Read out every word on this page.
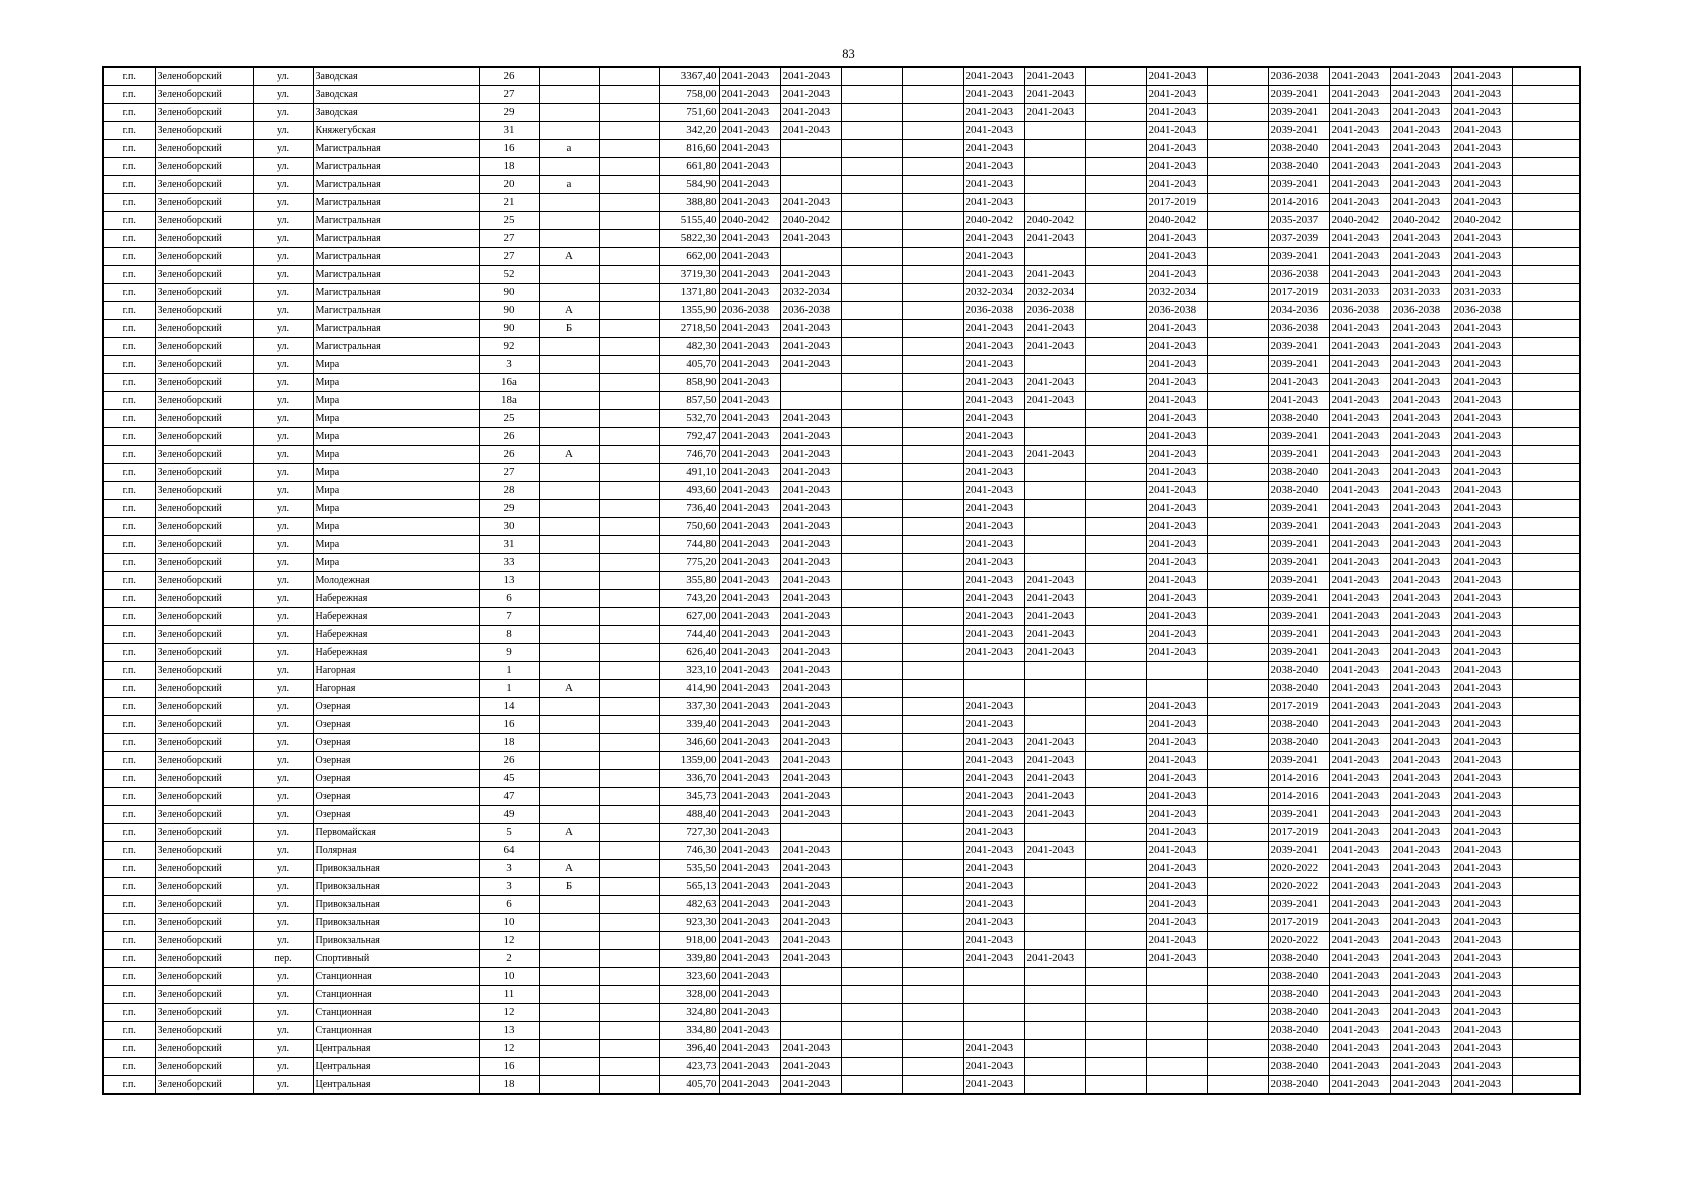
83
г.п.	Зеленоборский	ул.	Заводская	26			3367,40	2041-2043	2041-2043			2041-2043	2041-2043		2041-2043		2036-2038	2041-2043	2041-2043	2041-2043	
г.п.	Зеленоборский	ул.	Заводская	27			758,00	2041-2043	2041-2043			2041-2043	2041-2043		2041-2043		2039-2041	2041-2043	2041-2043	2041-2043	
г.п.	Зеленоборский	ул.	Заводская	29			751,60	2041-2043	2041-2043			2041-2043	2041-2043		2041-2043		2039-2041	2041-2043	2041-2043	2041-2043	
г.п.	Зеленоборский	ул.	Княжегубская	31			342,20	2041-2043	2041-2043			2041-2043			2041-2043		2039-2041	2041-2043	2041-2043	2041-2043	
г.п.	Зеленоборский	ул.	Магистральная	16	а		816,60	2041-2043				2041-2043			2041-2043		2038-2040	2041-2043	2041-2043	2041-2043	
г.п.	Зеленоборский	ул.	Магистральная	18			661,80	2041-2043				2041-2043			2041-2043		2038-2040	2041-2043	2041-2043	2041-2043	
г.п.	Зеленоборский	ул.	Магистральная	20	а		584,90	2041-2043				2041-2043			2041-2043		2039-2041	2041-2043	2041-2043	2041-2043	
г.п.	Зеленоборский	ул.	Магистральная	21			388,80	2041-2043	2041-2043			2041-2043			2017-2019		2014-2016	2041-2043	2041-2043	2041-2043	
г.п.	Зеленоборский	ул.	Магистральная	25			5155,40	2040-2042	2040-2042			2040-2042	2040-2042		2040-2042		2035-2037	2040-2042	2040-2042	2040-2042	
г.п.	Зеленоборский	ул.	Магистральная	27			5822,30	2041-2043	2041-2043			2041-2043	2041-2043		2041-2043		2037-2039	2041-2043	2041-2043	2041-2043	
г.п.	Зеленоборский	ул.	Магистральная	27	А		662,00	2041-2043				2041-2043			2041-2043		2039-2041	2041-2043	2041-2043	2041-2043	
г.п.	Зеленоборский	ул.	Магистральная	52			3719,30	2041-2043	2041-2043			2041-2043	2041-2043		2041-2043		2036-2038	2041-2043	2041-2043	2041-2043	
г.п.	Зеленоборский	ул.	Магистральная	90			1371,80	2041-2043	2032-2034			2032-2034	2032-2034		2032-2034		2017-2019	2031-2033	2031-2033	2031-2033	
г.п.	Зеленоборский	ул.	Магистральная	90	А		1355,90	2036-2038	2036-2038			2036-2038	2036-2038		2036-2038		2034-2036	2036-2038	2036-2038	2036-2038	
г.п.	Зеленоборский	ул.	Магистральная	90	Б		2718,50	2041-2043	2041-2043			2041-2043	2041-2043		2041-2043		2036-2038	2041-2043	2041-2043	2041-2043	
г.п.	Зеленоборский	ул.	Магистральная	92			482,30	2041-2043	2041-2043			2041-2043	2041-2043		2041-2043		2039-2041	2041-2043	2041-2043	2041-2043	
г.п.	Зеленоборский	ул.	Мира	3			405,70	2041-2043	2041-2043			2041-2043			2041-2043		2039-2041	2041-2043	2041-2043	2041-2043	
г.п.	Зеленоборский	ул.	Мира	16а			858,90	2041-2043				2041-2043	2041-2043		2041-2043		2041-2043	2041-2043	2041-2043	2041-2043	
г.п.	Зеленоборский	ул.	Мира	18а			857,50	2041-2043				2041-2043	2041-2043		2041-2043		2041-2043	2041-2043	2041-2043	2041-2043	
г.п.	Зеленоборский	ул.	Мира	25			532,70	2041-2043	2041-2043			2041-2043			2041-2043		2038-2040	2041-2043	2041-2043	2041-2043	
г.п.	Зеленоборский	ул.	Мира	26			792,47	2041-2043	2041-2043			2041-2043			2041-2043		2039-2041	2041-2043	2041-2043	2041-2043	
г.п.	Зеленоборский	ул.	Мира	26	А		746,70	2041-2043	2041-2043			2041-2043	2041-2043		2041-2043		2039-2041	2041-2043	2041-2043	2041-2043	
г.п.	Зеленоборский	ул.	Мира	27			491,10	2041-2043	2041-2043			2041-2043			2041-2043		2038-2040	2041-2043	2041-2043	2041-2043	
г.п.	Зеленоборский	ул.	Мира	28			493,60	2041-2043	2041-2043			2041-2043			2041-2043		2038-2040	2041-2043	2041-2043	2041-2043	
г.п.	Зеленоборский	ул.	Мира	29			736,40	2041-2043	2041-2043			2041-2043			2041-2043		2039-2041	2041-2043	2041-2043	2041-2043	
г.п.	Зеленоборский	ул.	Мира	30			750,60	2041-2043	2041-2043			2041-2043			2041-2043		2039-2041	2041-2043	2041-2043	2041-2043	
г.п.	Зеленоборский	ул.	Мира	31			744,80	2041-2043	2041-2043			2041-2043			2041-2043		2039-2041	2041-2043	2041-2043	2041-2043	
г.п.	Зеленоборский	ул.	Мира	33			775,20	2041-2043	2041-2043			2041-2043			2041-2043		2039-2041	2041-2043	2041-2043	2041-2043	
г.п.	Зеленоборский	ул.	Молодежная	13			355,80	2041-2043	2041-2043			2041-2043	2041-2043		2041-2043		2039-2041	2041-2043	2041-2043	2041-2043	
г.п.	Зеленоборский	ул.	Набережная	6			743,20	2041-2043	2041-2043			2041-2043	2041-2043		2041-2043		2039-2041	2041-2043	2041-2043	2041-2043	
г.п.	Зеленоборский	ул.	Набережная	7			627,00	2041-2043	2041-2043			2041-2043	2041-2043		2041-2043		2039-2041	2041-2043	2041-2043	2041-2043	
г.п.	Зеленоборский	ул.	Набережная	8			744,40	2041-2043	2041-2043			2041-2043	2041-2043		2041-2043		2039-2041	2041-2043	2041-2043	2041-2043	
г.п.	Зеленоборский	ул.	Набережная	9			626,40	2041-2043	2041-2043			2041-2043	2041-2043		2041-2043		2039-2041	2041-2043	2041-2043	2041-2043	
г.п.	Зеленоборский	ул.	Нагорная	1			323,10	2041-2043	2041-2043								2038-2040	2041-2043	2041-2043	2041-2043	
г.п.	Зеленоборский	ул.	Нагорная	1	А		414,90	2041-2043	2041-2043								2038-2040	2041-2043	2041-2043	2041-2043	
г.п.	Зеленоборский	ул.	Озерная	14			337,30	2041-2043	2041-2043			2041-2043			2041-2043		2017-2019	2041-2043	2041-2043	2041-2043	
г.п.	Зеленоборский	ул.	Озерная	16			339,40	2041-2043	2041-2043			2041-2043			2041-2043		2038-2040	2041-2043	2041-2043	2041-2043	
г.п.	Зеленоборский	ул.	Озерная	18			346,60	2041-2043	2041-2043			2041-2043	2041-2043		2041-2043		2038-2040	2041-2043	2041-2043	2041-2043	
г.п.	Зеленоборский	ул.	Озерная	26			1359,00	2041-2043	2041-2043			2041-2043	2041-2043		2041-2043		2039-2041	2041-2043	2041-2043	2041-2043	
г.п.	Зеленоборский	ул.	Озерная	45			336,70	2041-2043	2041-2043			2041-2043	2041-2043		2041-2043		2014-2016	2041-2043	2041-2043	2041-2043	
г.п.	Зеленоборский	ул.	Озерная	47			345,73	2041-2043	2041-2043			2041-2043	2041-2043		2041-2043		2014-2016	2041-2043	2041-2043	2041-2043	
г.п.	Зеленоборский	ул.	Озерная	49			488,40	2041-2043	2041-2043			2041-2043	2041-2043		2041-2043		2039-2041	2041-2043	2041-2043	2041-2043	
г.п.	Зеленоборский	ул.	Первомайская	5	А		727,30	2041-2043				2041-2043			2041-2043		2017-2019	2041-2043	2041-2043	2041-2043	
г.п.	Зеленоборский	ул.	Полярная	64			746,30	2041-2043	2041-2043			2041-2043	2041-2043		2041-2043		2039-2041	2041-2043	2041-2043	2041-2043	
г.п.	Зеленоборский	ул.	Привокзальная	3	А		535,50	2041-2043	2041-2043			2041-2043			2041-2043		2020-2022	2041-2043	2041-2043	2041-2043	
г.п.	Зеленоборский	ул.	Привокзальная	3	Б		565,13	2041-2043	2041-2043			2041-2043			2041-2043		2020-2022	2041-2043	2041-2043	2041-2043	
г.п.	Зеленоборский	ул.	Привокзальная	6			482,63	2041-2043	2041-2043			2041-2043			2041-2043		2039-2041	2041-2043	2041-2043	2041-2043	
г.п.	Зеленоборский	ул.	Привокзальная	10			923,30	2041-2043	2041-2043			2041-2043			2041-2043		2017-2019	2041-2043	2041-2043	2041-2043	
г.п.	Зеленоборский	ул.	Привокзальная	12			918,00	2041-2043	2041-2043			2041-2043			2041-2043		2020-2022	2041-2043	2041-2043	2041-2043	
г.п.	Зеленоборский	пер.	Спортивный	2			339,80	2041-2043	2041-2043			2041-2043	2041-2043		2041-2043		2038-2040	2041-2043	2041-2043	2041-2043	
г.п.	Зеленоборский	ул.	Станционная	10			323,60	2041-2043									2038-2040	2041-2043	2041-2043	2041-2043	
г.п.	Зеленоборский	ул.	Станционная	11			328,00	2041-2043									2038-2040	2041-2043	2041-2043	2041-2043	
г.п.	Зеленоборский	ул.	Станционная	12			324,80	2041-2043									2038-2040	2041-2043	2041-2043	2041-2043	
г.п.	Зеленоборский	ул.	Станционная	13			334,80	2041-2043									2038-2040	2041-2043	2041-2043	2041-2043	
г.п.	Зеленоборский	ул.	Центральная	12			396,40	2041-2043	2041-2043			2041-2043					2038-2040	2041-2043	2041-2043	2041-2043	
г.п.	Зеленоборский	ул.	Центральная	16			423,73	2041-2043	2041-2043			2041-2043					2038-2040	2041-2043	2041-2043	2041-2043	
г.п.	Зеленоборский	ул.	Центральная	18			405,70	2041-2043	2041-2043			2041-2043					2038-2040	2041-2043	2041-2043	2041-2043	
